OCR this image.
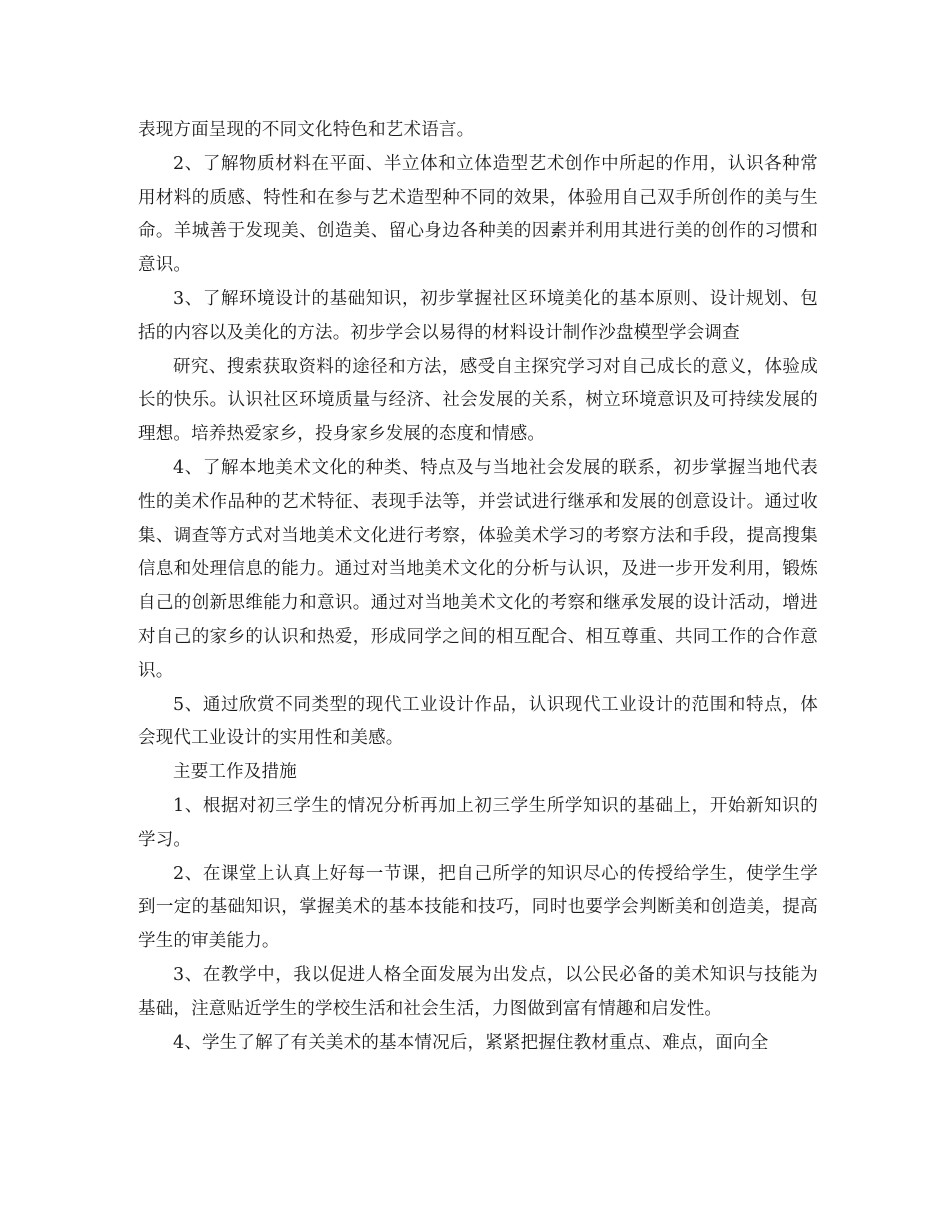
表现方面呈现的不同文化特色和艺术语言。

2、了解物质材料在平面、半立体和立体造型艺术创作中所起的作用，认识各种常用材料的质感、特性和在参与艺术造型种不同的效果，体验用自己双手所创作的美与生命。羊城善于发现美、创造美、留心身边各种美的因素并利用其进行美的创作的习惯和意识。

3、了解环境设计的基础知识，初步掌握社区环境美化的基本原则、设计规划、包括的内容以及美化的方法。初步学会以易得的材料设计制作沙盘模型学会调查

研究、搜索获取资料的途径和方法，感受自主探究学习对自己成长的意义，体验成长的快乐。认识社区环境质量与经济、社会发展的关系，树立环境意识及可持续发展的理想。培养热爱家乡，投身家乡发展的态度和情感。

4、了解本地美术文化的种类、特点及与当地社会发展的联系，初步掌握当地代表性的美术作品种的艺术特征、表现手法等，并尝试进行继承和发展的创意设计。通过收集、调查等方式对当地美术文化进行考察，体验美术学习的考察方法和手段，提高搜集信息和处理信息的能力。通过对当地美术文化的分析与认识，及进一步开发利用，锻炼自己的创新思维能力和意识。通过对当地美术文化的考察和继承发展的设计活动，增进对自己的家乡的认识和热爱，形成同学之间的相互配合、相互尊重、共同工作的合作意识。

5、通过欣赏不同类型的现代工业设计作品，认识现代工业设计的范围和特点，体会现代工业设计的实用性和美感。

主要工作及措施

1、根据对初三学生的情况分析再加上初三学生所学知识的基础上，开始新知识的学习。

2、在课堂上认真上好每一节课，把自己所学的知识尽心的传授给学生，使学生学到一定的基础知识，掌握美术的基本技能和技巧，同时也要学会判断美和创造美，提高学生的审美能力。

3、在教学中，我以促进人格全面发展为出发点，以公民必备的美术知识与技能为基础，注意贴近学生的学校生活和社会生活，力图做到富有情趣和启发性。

4、学生了解了有关美术的基本情况后，紧紧把握住教材重点、难点，面向全
